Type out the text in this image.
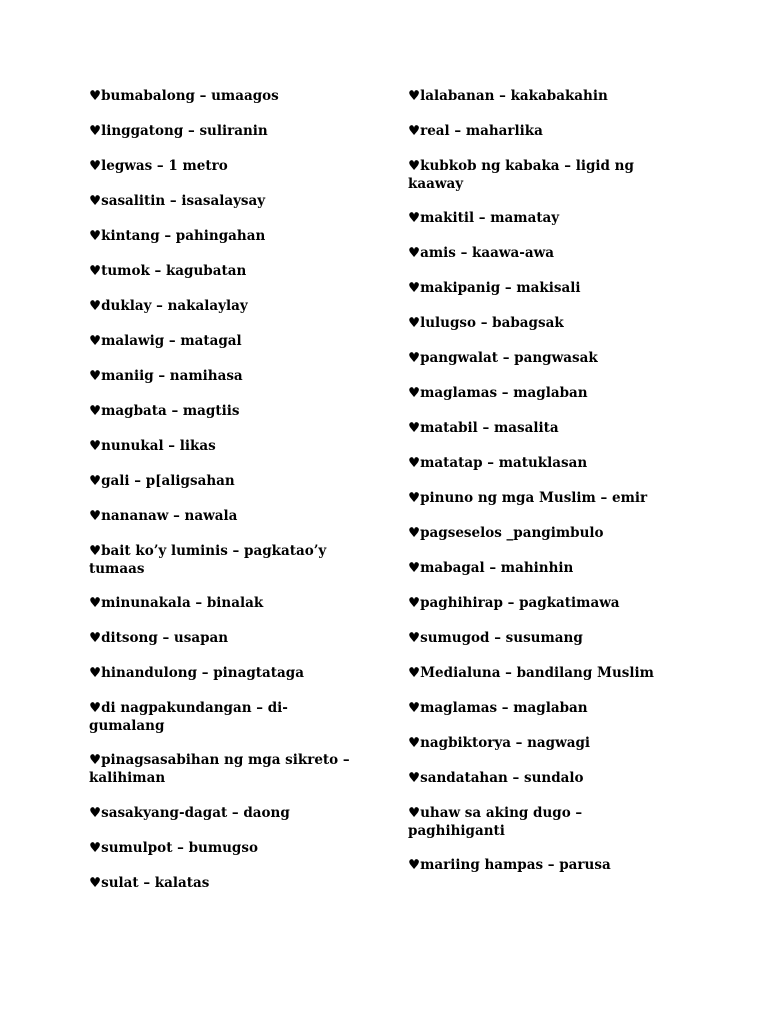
♥bumabalong – umaagos

♥linggatong – suliranin

♥legwas – 1 metro

♥sasalitin – isasalaysay

♥kintang – pahingahan

♥tumok – kagubatan

♥duklay – nakalaylay

♥malawig – matagal

♥maniig – namihasa

♥magbata – magtiis

♥nunukal – likas

♥gali – p[aligsahan

♥nananaw – nawala

♥bait ko’y luminis – pagkatao’y tumaas

♥minunakala – binalak

♥ditsong – usapan

♥hinandulong – pinagtataga

♥di nagpakundangan – di-gumalang

♥pinagsasabihan ng mga sikreto – kalihiman

♥sasakyang-dagat – daong

♥sumulpot – bumugso

♥sulat – kalatas

♥lalabanan – kakabakahin

♥real – maharlika

♥kubkob ng kabaka – ligid ng kaaway

♥makitil – mamatay

♥amis – kaawa-awa

♥makipanig – makisali

♥lulugso – babagsak

♥pangwalat – pangwasak

♥maglamas – maglaban

♥matabil – masalita

♥matatap – matuklasan

♥pinuno ng mga Muslim – emir

♥pagseselos _pangimbulo

♥mabagal – mahinhin

♥paghihirap – pagkatimawa

♥sumugod – susumang

♥Medialuna – bandilang Muslim

♥maglamas – maglaban

♥nagbiktorya – nagwagi

♥sandatahan – sundalo

♥uhaw sa aking dugo – paghihiganti

♥mariing hampas – parusa
